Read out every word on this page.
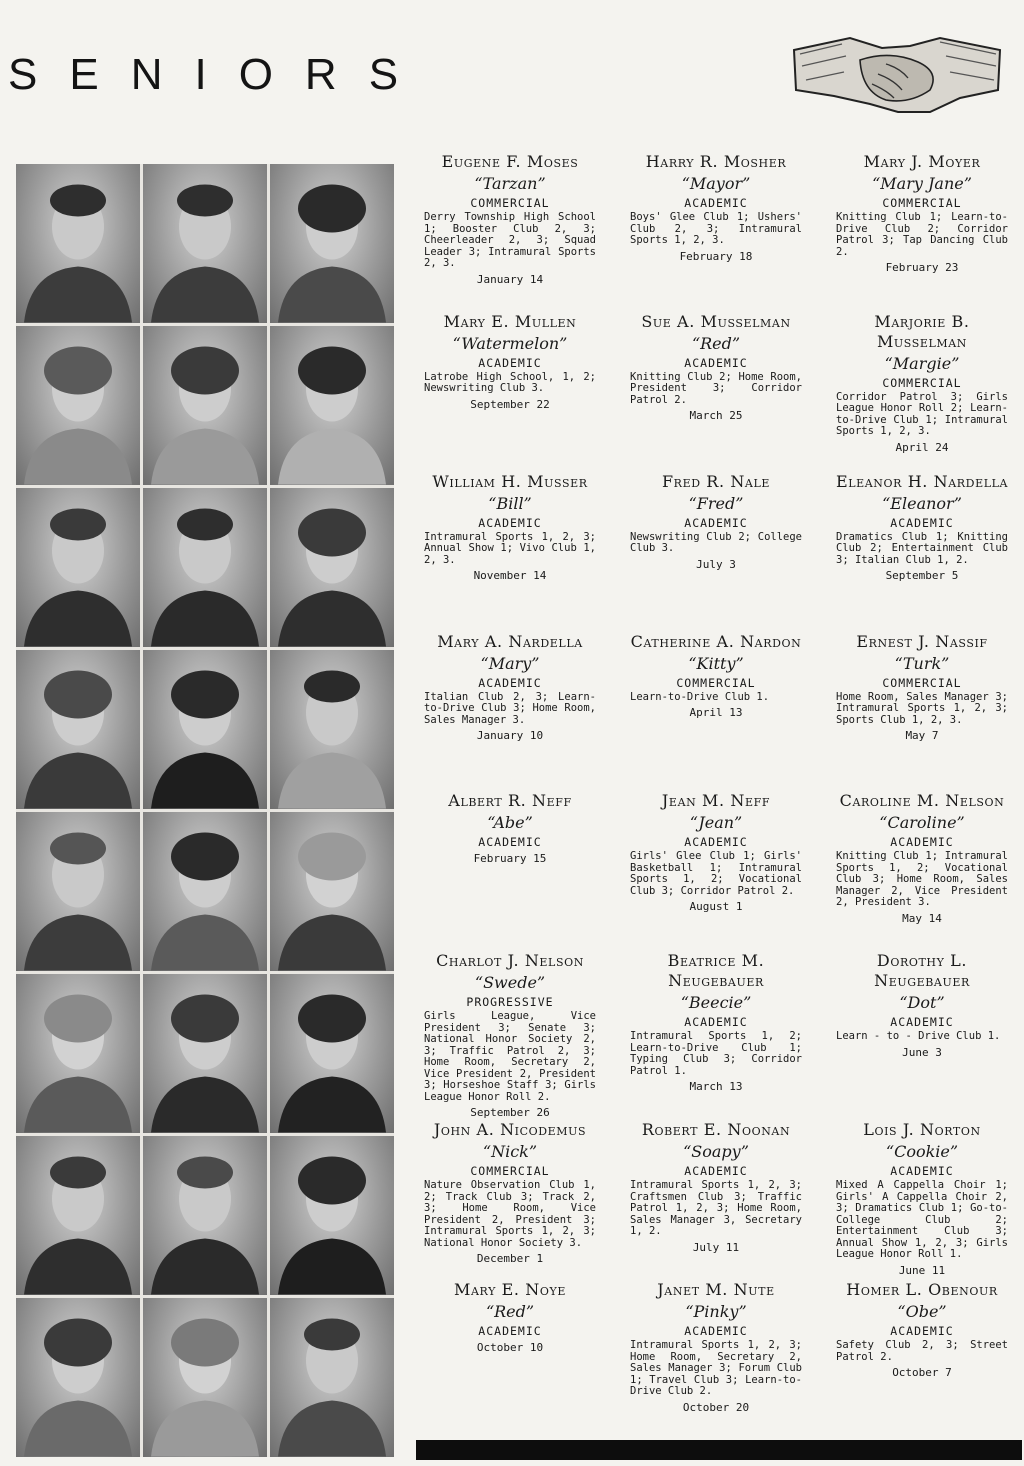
SENIORS

Eugene F. Moses

“Tarzan”

COMMERCIAL

Derry Township High School 1; Booster Club 2, 3; Cheerleader 2, 3; Squad Leader 3; Intramural Sports 2, 3.

January 14

Harry R. Mosher

“Mayor”

ACADEMIC

Boys' Glee Club 1; Ushers' Club 2, 3; Intramural Sports 1, 2, 3.

February 18

Mary J. Moyer

“Mary Jane”

COMMERCIAL

Knitting Club 1; Learn-to-Drive Club 2; Corridor Patrol 3; Tap Dancing Club 2.

February 23

Mary E. Mullen

“Watermelon”

ACADEMIC

Latrobe High School, 1, 2; Newswriting Club 3.

September 22

Sue A. Musselman

“Red”

ACADEMIC

Knitting Club 2; Home Room, President 3; Corridor Patrol 2.

March 25

Marjorie B. Musselman

“Margie”

COMMERCIAL

Corridor Patrol 3; Girls League Honor Roll 2; Learn-to-Drive Club 1; Intramural Sports 1, 2, 3.

April 24

William H. Musser

“Bill”

ACADEMIC

Intramural Sports 1, 2, 3; Annual Show 1; Vivo Club 1, 2, 3.

November 14

Fred R. Nale

“Fred”

ACADEMIC

Newswriting Club 2; College Club 3.

July 3

Eleanor H. Nardella

“Eleanor”

ACADEMIC

Dramatics Club 1; Knitting Club 2; Entertainment Club 3; Italian Club 1, 2.

September 5

Mary A. Nardella

“Mary”

ACADEMIC

Italian Club 2, 3; Learn-to-Drive Club 3; Home Room, Sales Manager 3.

January 10

Catherine A. Nardon

“Kitty”

COMMERCIAL

Learn-to-Drive Club 1.

April 13

Ernest J. Nassif

“Turk”

COMMERCIAL

Home Room, Sales Manager 3; Intramural Sports 1, 2, 3; Sports Club 1, 2, 3.

May 7

Albert R. Neff

“Abe”

ACADEMIC

February 15

Jean M. Neff

“Jean”

ACADEMIC

Girls' Glee Club 1; Girls' Basketball 1; Intramural Sports 1, 2; Vocational Club 3; Corridor Patrol 2.

August 1

Caroline M. Nelson

“Caroline”

ACADEMIC

Knitting Club 1; Intramural Sports 1, 2; Vocational Club 3; Home Room, Sales Manager 2, Vice President 2, President 3.

May 14

Charlot J. Nelson

“Swede”

PROGRESSIVE

Girls League, Vice President 3; Senate 3; National Honor Society 2, 3; Traffic Patrol 2, 3; Home Room, Secretary 2, Vice President 2, President 3; Horseshoe Staff 3; Girls League Honor Roll 2.

September 26

Beatrice M. Neugebauer

“Beecie”

ACADEMIC

Intramural Sports 1, 2; Learn-to-Drive Club 1; Typing Club 3; Corridor Patrol 1.

March 13

Dorothy L. Neugebauer

“Dot”

ACADEMIC

Learn - to - Drive Club 1.

June 3

John A. Nicodemus

“Nick”

COMMERCIAL

Nature Observation Club 1, 2; Track Club 3; Track 2, 3; Home Room, Vice President 2, President 3; Intramural Sports 1, 2, 3; National Honor Society 3.

December 1

Robert E. Noonan

“Soapy”

ACADEMIC

Intramural Sports 1, 2, 3; Craftsmen Club 3; Traffic Patrol 1, 2, 3; Home Room, Sales Manager 3, Secretary 1, 2.

July 11

Lois J. Norton

“Cookie”

ACADEMIC

Mixed A Cappella Choir 1; Girls' A Cappella Choir 2, 3; Dramatics Club 1; Go-to-College Club 2; Entertainment Club 3; Annual Show 1, 2, 3; Girls League Honor Roll 1.

June 11

Mary E. Noye

“Red”

ACADEMIC

October 10

Janet M. Nute

“Pinky”

ACADEMIC

Intramural Sports 1, 2, 3; Home Room, Secretary 2, Sales Manager 3; Forum Club 1; Travel Club 3; Learn-to-Drive Club 2.

October 20

Homer L. Obenour

“Obe”

ACADEMIC

Safety Club 2, 3; Street Patrol 2.

October 7
